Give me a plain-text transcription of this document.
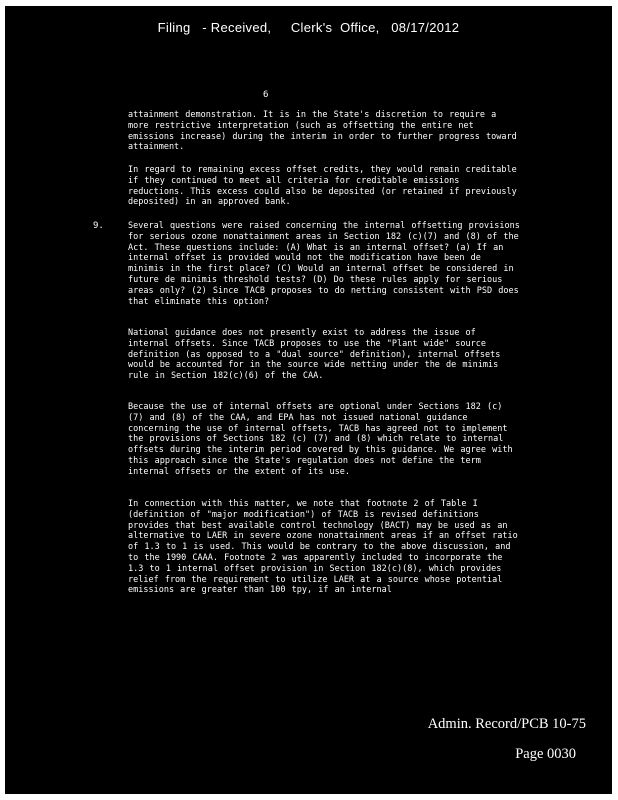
Filing   - Received,     Clerk's  Office,   08/17/2012
6

attainment demonstration. It is in the State's discretion to require a more restrictive interpretation (such as offsetting the entire net emissions increase) during the interim in order to further progress toward attainment.

In regard to remaining excess offset credits, they would remain creditable if they continued to meet all criteria for creditable emissions reductions. This excess could also be deposited (or retained if previously deposited) in an approved bank.

9.	Several questions were raised concerning the internal offsetting provisions for serious ozone nonattainment areas in Section 182 (c)(7) and (8) of the Act. These questions include: (A) What is an internal offset? (a) If an internal offset is provided would not the modification have been de minimis in the first place? (C) Would an internal offset be considered in future de minimis threshold tests? (D) Do these rules apply for serious areas only? (2) Since TACB proposes to do netting consistent with PSD does that eliminate this option?

National guidance does not presently exist to address the issue of internal offsets. Since TACB proposes to use the "Plant wide" source definition (as opposed to a "dual source" definition), internal offsets would be accounted for in the source wide netting under the de minimis rule in Section 182(c)(6) of the CAA.

Because the use of internal offsets are optional under Sections 182 (c) (7) and (8) of the CAA, and EPA has not issued national guidance concerning the use of internal offsets, TACB has agreed not to implement the provisions of Sections 182 (c) (7) and (8) which relate to internal offsets during the interim period covered by this guidance. We agree with this approach since the State's regulation does not define the term internal offsets or the extent of its use.

In connection with this matter, we note that footnote 2 of Table I (definition of "major modification") of TACB is revised definitions provides that best available control technology (BACT) may be used as an alternative to LAER in severe ozone nonattainment areas if an offset ratio of 1.3 to 1 is used. This would be contrary to the above discussion, and to the 1990 CAAA. Footnote 2 was apparently included to incorporate the 1.3 to 1 internal offset provision in Section 182(c)(8), which provides relief from the requirement to utilize LAER at a source whose potential emissions are greater than 100 tpy, if an internal

Admin. Record/PCB 10-75
Page 0030
